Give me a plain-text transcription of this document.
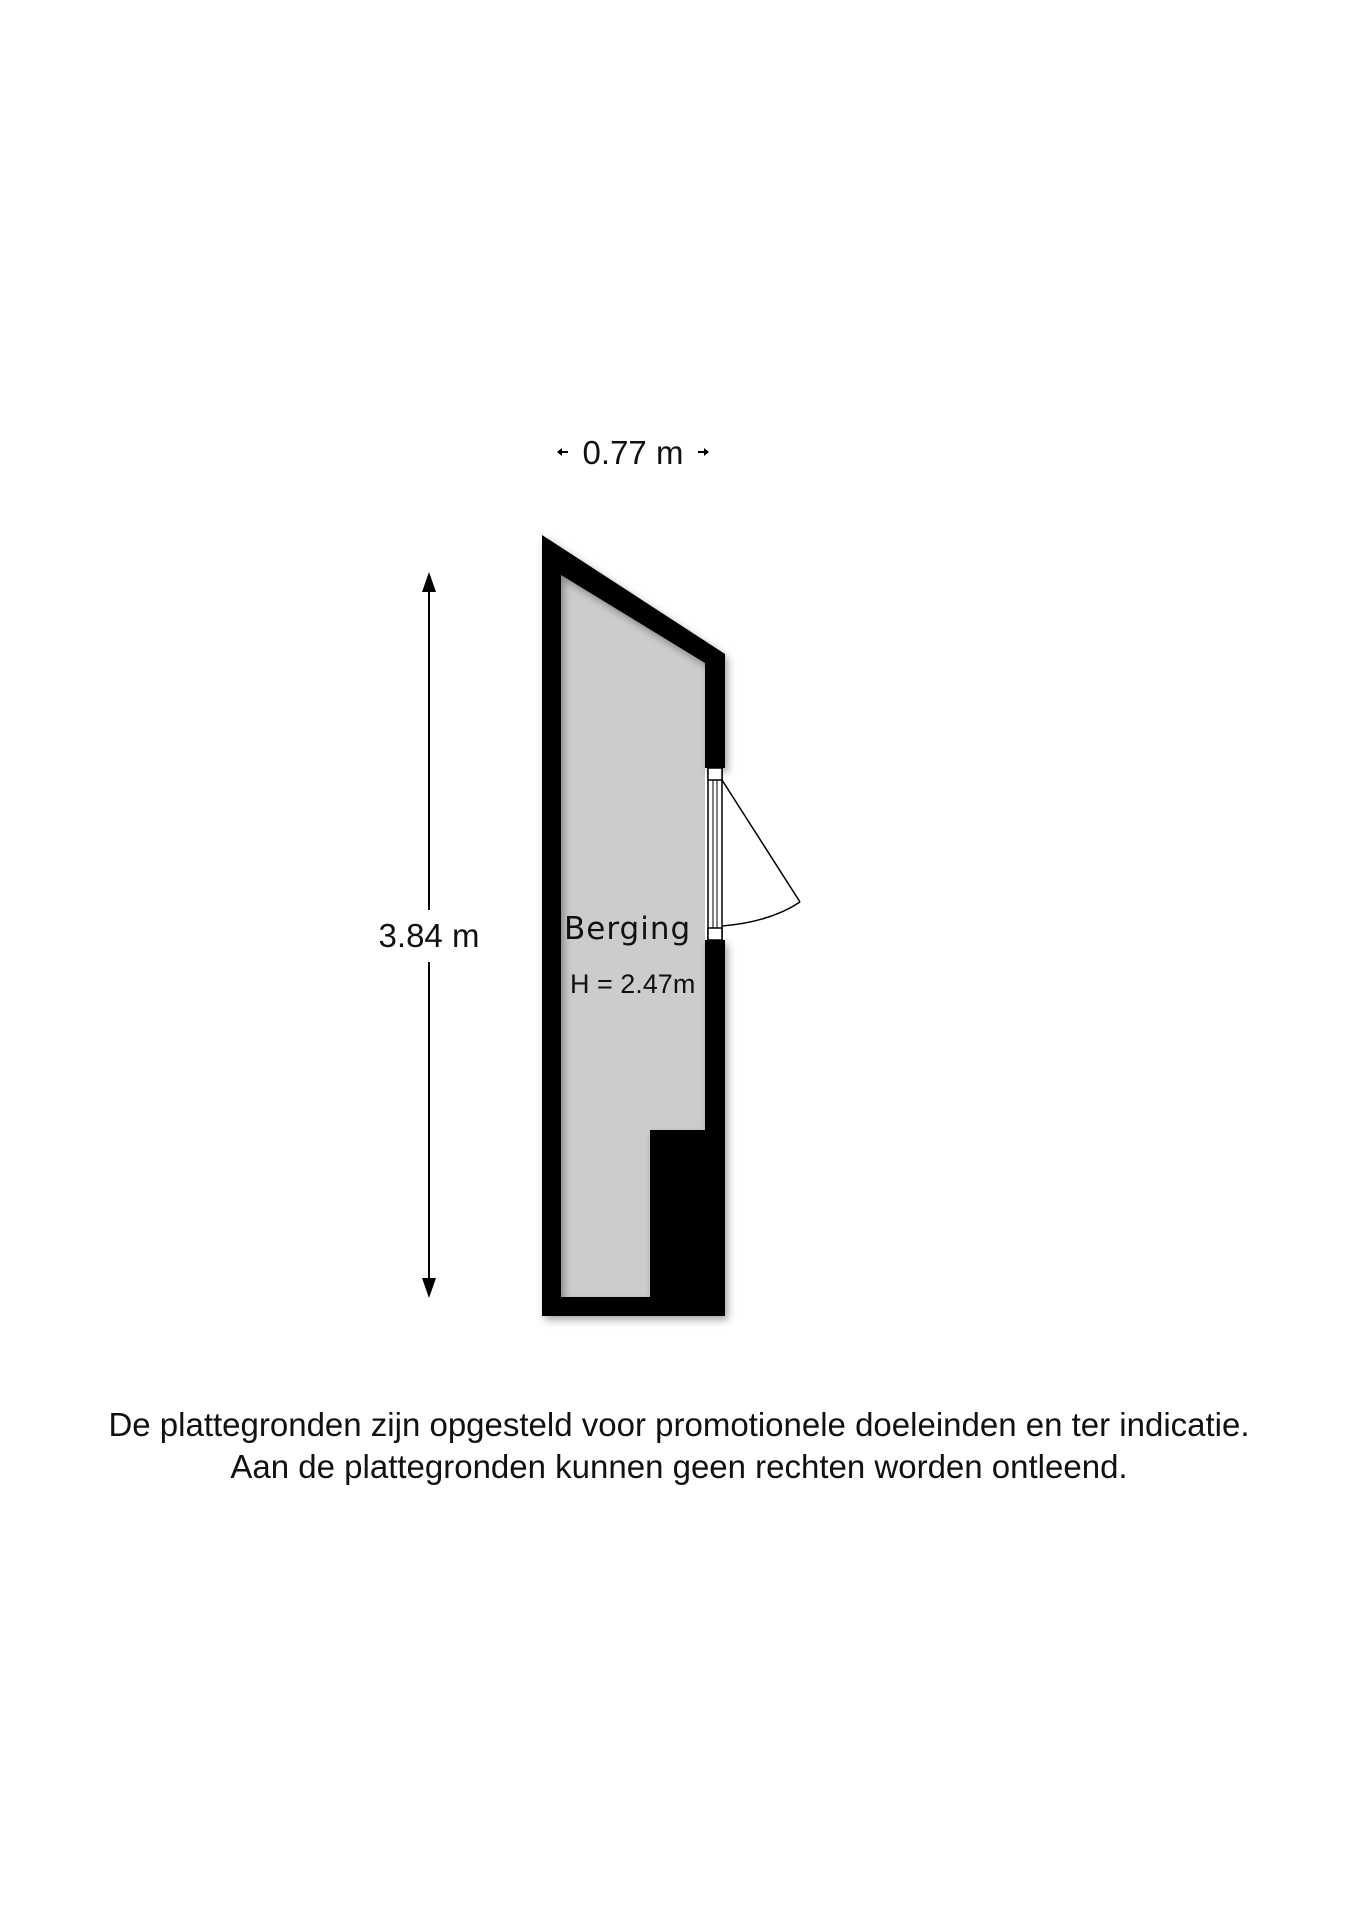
0.77 m
3.84 m	Berging
H = 2.47m
De plattegronden zijn opgesteld voor promotionele doeleinden en ter indicatie.
Aan de plattegronden kunnen geen rechten worden ontleend.
